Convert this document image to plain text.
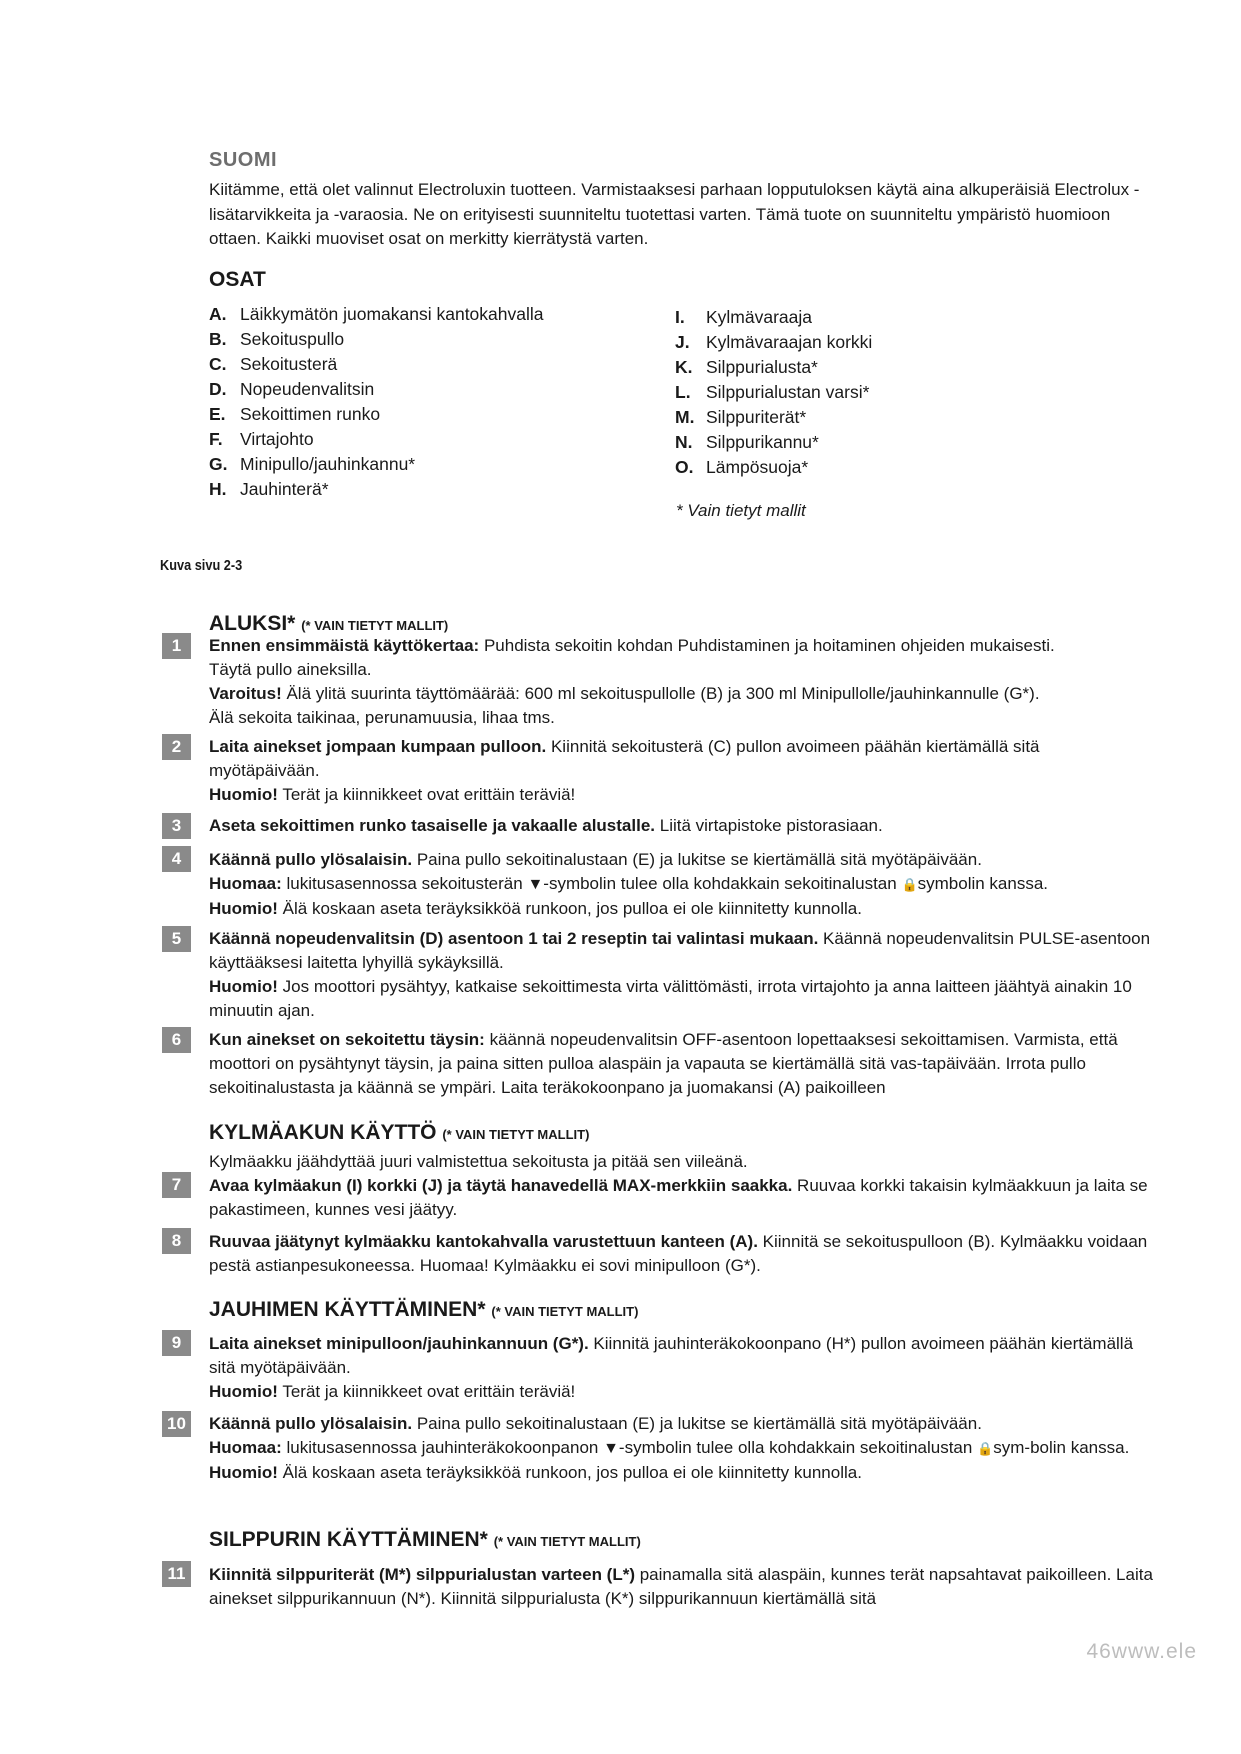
SUOMI
Kiitämme, että olet valinnut Electroluxin tuotteen. Varmistaaksesi parhaan lopputuloksen käytä aina alkuperäisiä Electrolux -lisätarvikkeita ja -varaosia. Ne on erityisesti suunniteltu tuotettasi varten. Tämä tuote on suunniteltu ympäristö huomioon ottaen. Kaikki muoviset osat on merkitty kierrätystä varten.
OSAT
A. Läikkymätön juomakansi kantokahvalla
B. Sekoituspullo
C. Sekoitusterä
D. Nopeudenvalitsin
E. Sekoittimen runko
F. Virtajohto
G. Minipullo/jauhinkannu*
H. Jauhinterä*
I. Kylmävaraaja
J. Kylmävaraajan korkki
K. Silppurialusta*
L. Silppurialustan varsi*
M. Silppuriterät*
N. Silppurikannu*
O. Lämpösuoja*
* Vain tietyt mallit
Kuva sivu 2-3
ALUKSI* (* VAIN TIETYT MALLIT)
1	Ennen ensimmäistä käyttökertaa: Puhdista sekoitin kohdan Puhdistaminen ja hoitaminen ohjeiden mukaisesti.
Täytä pullo aineksilla.
Varoitus! Älä ylitä suurinta täyttömäärää: 600 ml sekoituspullolle (B) ja 300 ml Minipullolle/jauhinkannulle (G*).
Älä sekoita taikinaa, perunamuusia, lihaa tms.
2	Laita ainekset jompaan kumpaan pulloon. Kiinnitä sekoitusterä (C) pullon avoimeen päähän kiertämällä sitä myötäpäivään.
Huomio! Terät ja kiinnikkeet ovat erittäin teräviä!
3	Aseta sekoittimen runko tasaiselle ja vakaalle alustalle. Liitä virtapistoke pistorasiaan.
4	Käännä pullo ylösalaisin. Paina pullo sekoitinalustaan (E) ja lukitse se kiertämällä sitä myötäpäivään.
Huomaa: lukitusasennossa sekoitusterän ▼-symbolin tulee olla kohdakkain sekoitinalustan 🔒symbolin kanssa.
Huomio! Älä koskaan aseta teräyksikköä runkoon, jos pulloa ei ole kiinnitetty kunnolla.
5	Käännä nopeudenvalitsin (D) asentoon 1 tai 2 reseptin tai valintasi mukaan. Käännä nopeudenvalitsin PULSE-asentoon käyttääksesi laitetta lyhyillä sykäyksillä.
Huomio! Jos moottori pysähtyy, katkaise sekoittimesta virta välittömästi, irrota virtajohto ja anna laitteen jäähtyä ainakin 10 minuutin ajan.
6	Kun ainekset on sekoitettu täysin: käännä nopeudenvalitsin OFF-asentoon lopettaaksesi sekoittamisen. Varmista, että moottori on pysähtynyt täysin, ja paina sitten pulloa alaspäin ja vapauta se kiertämällä sitä vas-tapäivään. Irrota pullo sekoitinalustasta ja käännä se ympäri. Laita teräkokoonpano ja juomakansi (A) paikoilleen
KYLMÄAKUN KÄYTTÖ (* VAIN TIETYT MALLIT)
Kylmäakku jäähdyttää juuri valmistettua sekoitusta ja pitää sen viileänä.
7	Avaa kylmäakun (I) korkki (J) ja täytä hanavedellä MAX-merkkiin saakka. Ruuvaa korkki takaisin kylmäakkuun ja laita se pakastimeen, kunnes vesi jäätyy.
8	Ruuvaa jäätynyt kylmäakku kantokahvalla varustettuun kanteen (A). Kiinnitä se sekoituspulloon (B). Kylmäakku voidaan pestä astianpesukoneessa. Huomaa! Kylmäakku ei sovi minipulloon (G*).
JAUHIMEN KÄYTTÄMINEN* (* VAIN TIETYT MALLIT)
9	Laita ainekset minipulloon/jauhinkannuun (G*). Kiinnitä jauhinteräkokoonpano (H*) pullon avoimeen päähän kiertämällä sitä myötäpäivään.
Huomio! Terät ja kiinnikkeet ovat erittäin teräviä!
10 Käännä pullo ylösalaisin. Paina pullo sekoitinalustaan (E) ja lukitse se kiertämällä sitä myötäpäivään.
Huomaa: lukitusasennossa jauhinteräkokoonpanon ▼-symbolin tulee olla kohdakkain sekoitinalustan 🔒sym-bolin kanssa.
Huomio! Älä koskaan aseta teräyksikköä runkoon, jos pulloa ei ole kiinnitetty kunnolla.
SILPPURIN KÄYTTÄMINEN* (* VAIN TIETYT MALLIT)
11	Kiinnitä silppuriterät (M*) silppurialustan varteen (L*) painamalla sitä alaspäin, kunnes terät napsahtavat paikoilleen. Laita ainekset silppurikannuun (N*). Kiinnitä silppurialusta (K*) silppurikannuun kiertämällä sitä
46www.ele
